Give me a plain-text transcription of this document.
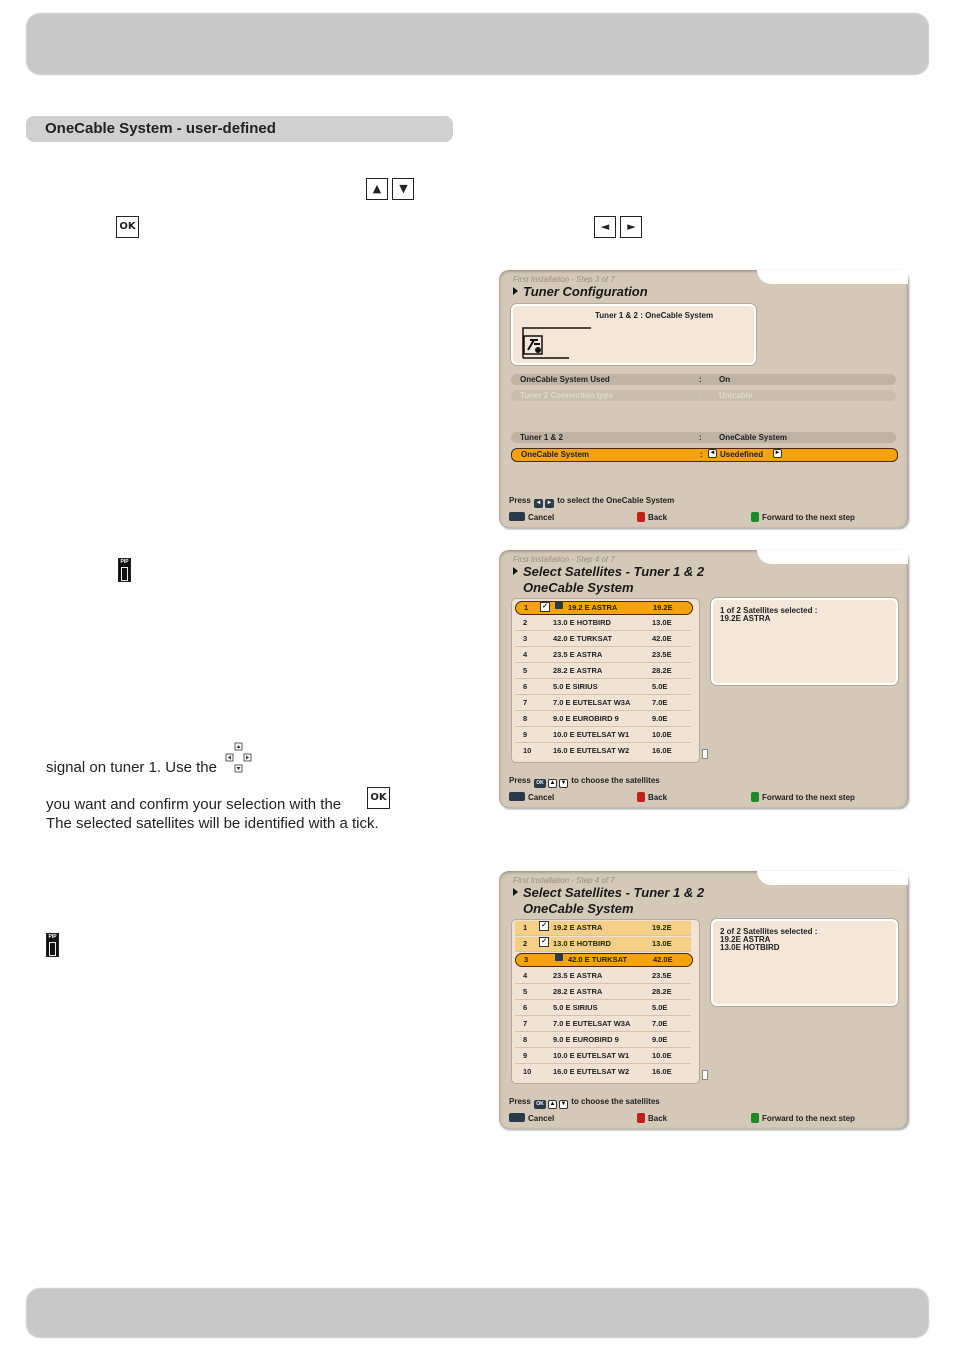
OneCable System - user-defined
▲ ▼
OK	◄ ►
PIP
PIP
signal on tuner 1. Use the
you want and confirm your selection with the	OK
The selected satellites will be identified with a tick.
First Installation - Step 3 of 7
Tuner Configuration
Tuner 1 & 2 : OneCable System
OneCable System Used	: On
Tuner 2 Connection type	: Unicable
Tuner 1 & 2	: OneCable System
OneCable System	: ◄ Usedefined ►
Press ◄ ► to select the OneCable System
Cancel	Back	Forward to the next step
First Installation - Step 4 of 7
Select Satellites - Tuner 1 & 2
OneCable System
1 ✓	19.2 E ASTRA	19.2E
2	13.0 E HOTBIRD	13.0E
3	42.0 E TURKSAT	42.0E
4	23.5 E ASTRA	23.5E
5	28.2 E ASTRA	28.2E
6	5.0 E SIRIUS	5.0E
7	7.0 E EUTELSAT W3A	7.0E
8	9.0 E EUROBIRD 9	9.0E
9	10.0 E EUTELSAT W1	10.0E
10	16.0 E EUTELSAT W2	16.0E
1 of 2 Satellites selected :
19.2E ASTRA
Press OK ▲ ▼ to choose the satellites
Cancel	Back	Forward to the next step
First Installation - Step 4 of 7
Select Satellites - Tuner 1 & 2
OneCable System
1 ✓ 19.2 E ASTRA	19.2E
2 ✓ 13.0 E HOTBIRD	13.0E
3	42.0 E TURKSAT	42.0E
4	23.5 E ASTRA	23.5E
5	28.2 E ASTRA	28.2E
6	5.0 E SIRIUS	5.0E
7	7.0 E EUTELSAT W3A	7.0E
8	9.0 E EUROBIRD 9	9.0E
9	10.0 E EUTELSAT W1	10.0E
10	16.0 E EUTELSAT W2	16.0E
2 of 2 Satellites selected :
19.2E ASTRA
13.0E HOTBIRD
Press OK ▲ ▼ to choose the satellites
Cancel	Back	Forward to the next step
